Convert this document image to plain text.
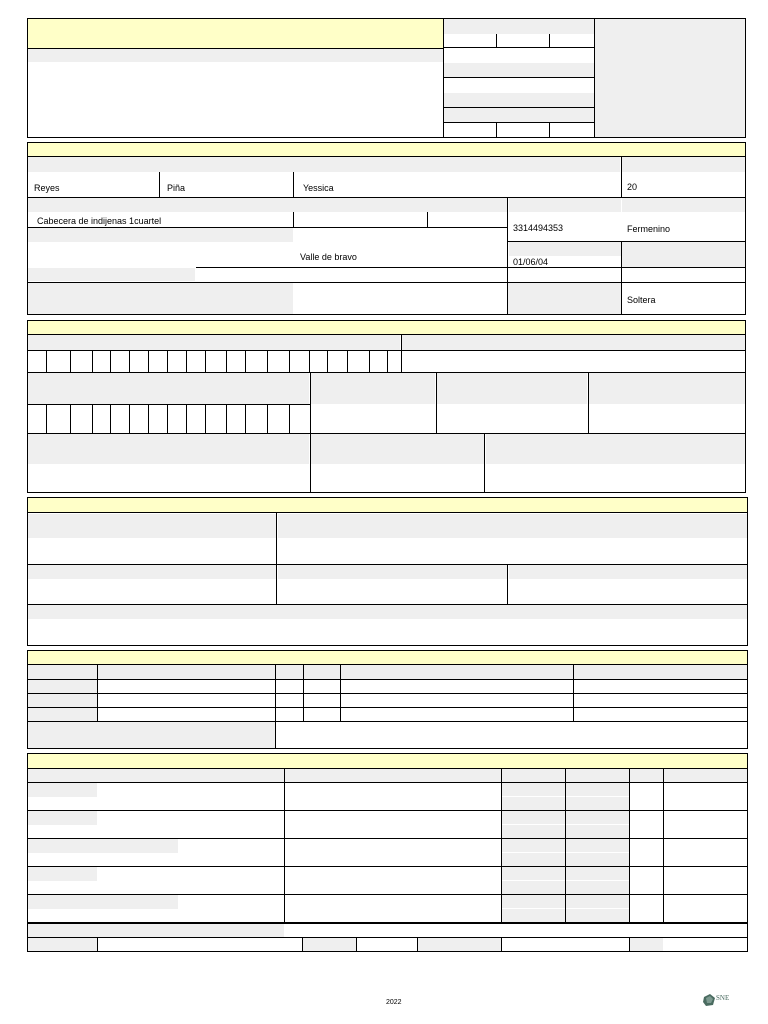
Reyes	Piña	Yessica	20
Cabecera de indijenas 1cuartel
3314494353	Fermenino
Valle de bravo	01/06/04
Soltera
2022
SNE
